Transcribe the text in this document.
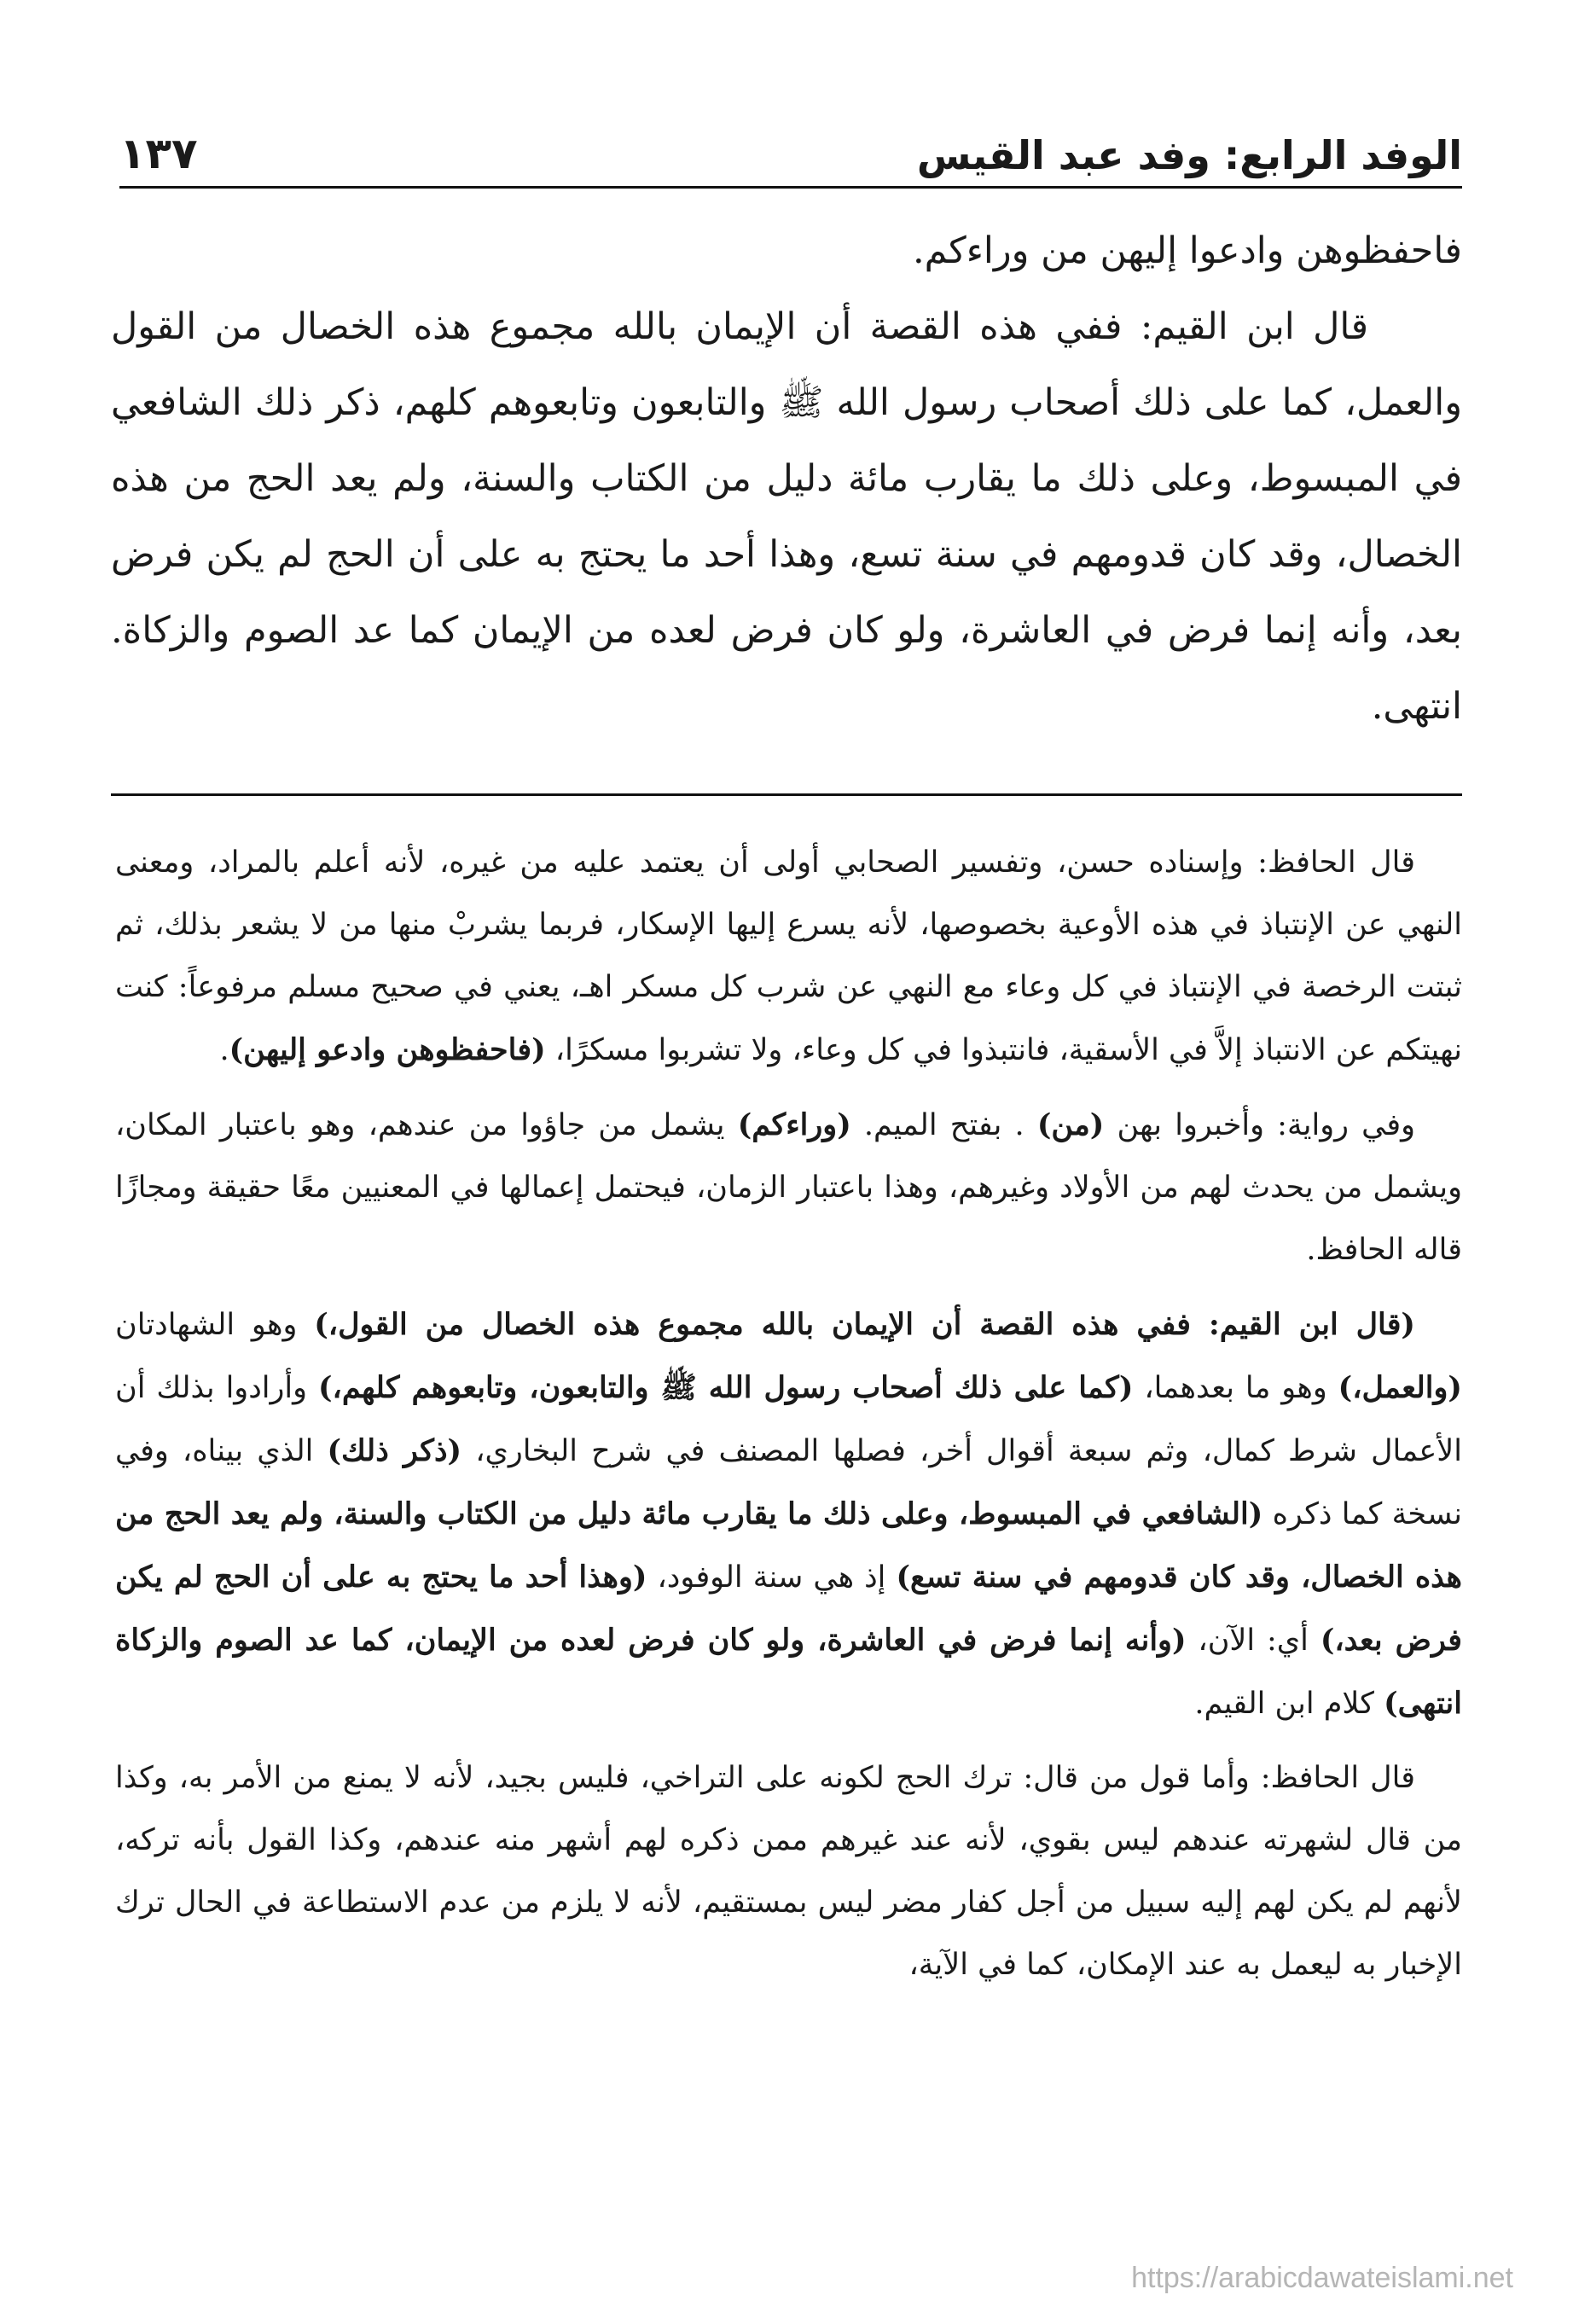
الوفد الرابع: وفد عبد القيس
١٣٧

فاحفظوهن وادعوا إليهن من وراءكم.

قال ابن القيم: ففي هذه القصة أن الإيمان بالله مجموع هذه الخصال من القول والعمل، كما على ذلك أصحاب رسول الله ﷺ والتابعون وتابعوهم كلهم، ذكر ذلك الشافعي في المبسوط، وعلى ذلك ما يقارب مائة دليل من الكتاب والسنة، ولم يعد الحج من هذه الخصال، وقد كان قدومهم في سنة تسع، وهذا أحد ما يحتج به على أن الحج لم يكن فرض بعد، وأنه إنما فرض في العاشرة، ولو كان فرض لعده من الإيمان كما عد الصوم والزكاة. انتهى.

قال الحافظ: وإسناده حسن، وتفسير الصحابي أولى أن يعتمد عليه من غيره، لأنه أعلم بالمراد، ومعنى النهي عن الإنتباذ في هذه الأوعية بخصوصها، لأنه يسرع إليها الإسكار، فربما يشربْ منها من لا يشعر بذلك، ثم ثبتت الرخصة في الإنتباذ في كل وعاء مع النهي عن شرب كل مسكر اهـ، يعني في صحيح مسلم مرفوعاً: كنت نهيتكم عن الانتباذ إلاَّ في الأسقية، فانتبذوا في كل وعاء، ولا تشربوا مسكرًا، (فاحفظوهن وادعو إليهن).

وفي رواية: وأخبروا بهن (من) . بفتح الميم. (وراءكم) يشمل من جاؤوا من عندهم، وهو باعتبار المكان، ويشمل من يحدث لهم من الأولاد وغيرهم، وهذا باعتبار الزمان، فيحتمل إعمالها في المعنيين معًا حقيقة ومجازًا قاله الحافظ.

(قال ابن القيم: ففي هذه القصة أن الإيمان بالله مجموع هذه الخصال من القول،) وهو الشهادتان (والعمل،) وهو ما بعدهما، (كما على ذلك أصحاب رسول الله ﷺ والتابعون، وتابعوهم كلهم،) وأرادوا بذلك أن الأعمال شرط كمال، وثم سبعة أقوال أخر، فصلها المصنف في شرح البخاري، (ذكر ذلك) الذي بيناه، وفي نسخة كما ذكره (الشافعي في المبسوط، وعلى ذلك ما يقارب مائة دليل من الكتاب والسنة، ولم يعد الحج من هذه الخصال، وقد كان قدومهم في سنة تسع) إذ هي سنة الوفود، (وهذا أحد ما يحتج به على أن الحج لم يكن فرض بعد،) أي: الآن، (وأنه إنما فرض في العاشرة، ولو كان فرض لعده من الإيمان، كما عد الصوم والزكاة انتهى) كلام ابن القيم.

قال الحافظ: وأما قول من قال: ترك الحج لكونه على التراخي، فليس بجيد، لأنه لا يمنع من الأمر به، وكذا من قال لشهرته عندهم ليس بقوي، لأنه عند غيرهم ممن ذكره لهم أشهر منه عندهم، وكذا القول بأنه تركه، لأنهم لم يكن لهم إليه سبيل من أجل كفار مضر ليس بمستقيم، لأنه لا يلزم من عدم الاستطاعة في الحال ترك الإخبار به ليعمل به عند الإمكان، كما في الآية،

https://arabicdawateislami.net
